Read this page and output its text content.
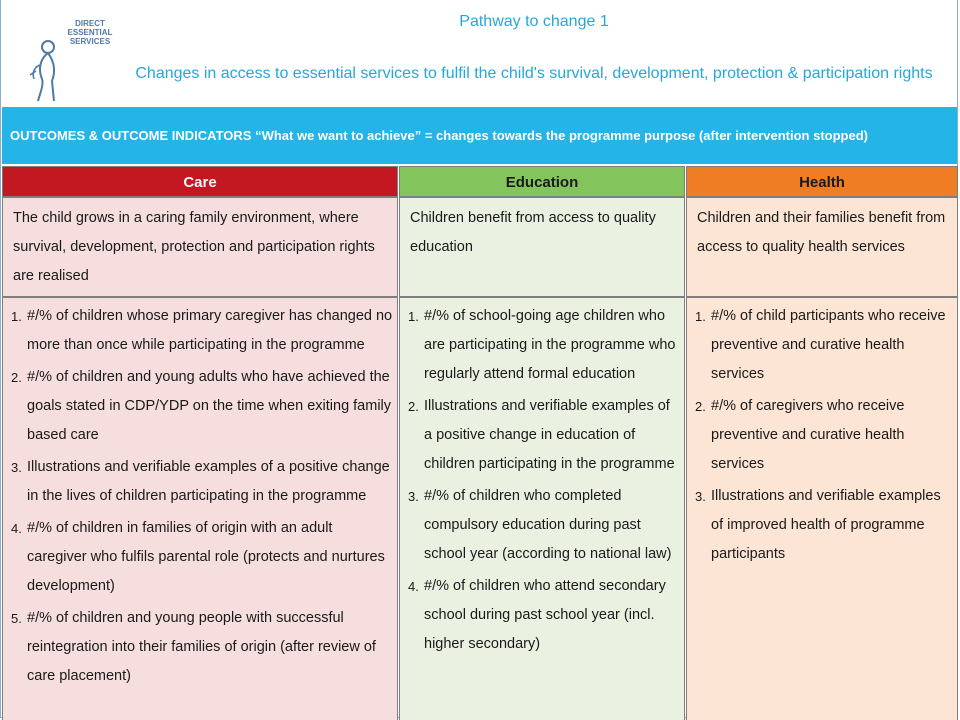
DIRECT
ESSENTIAL
SERVICES
Pathway to change 1
Changes in access to essential services to fulfil the child's survival, development, protection & participation rights
OUTCOMES & OUTCOME INDICATORS “What we want to achieve” = changes towards the programme purpose (after intervention stopped)
Care	Education	Health
The child grows in a caring family environment, where survival, development, protection and participation rights are realised
Children benefit from access to quality education
Children and their families benefit from access to quality health services
1. #/% of children whose primary caregiver has changed no more than once while participating in the programme
2. #/% of children and young adults who have achieved the goals stated in CDP/YDP on the time when exiting family based care
3. Illustrations and verifiable examples of a positive change in the lives of children participating in the programme
4. #/% of children in families of origin with an adult caregiver who fulfils parental role (protects and nurtures development)
5. #/% of children and young people with successful reintegration into their families of origin (after review of care placement)
1. #/% of school-going age children who are participating in the programme who regularly attend formal education
2. Illustrations and verifiable examples of a positive change in education of children participating in the programme
3. #/% of children who completed compulsory education during past school year (according to national law)
4. #/% of children who attend secondary school during past school year (incl. higher secondary)
1. #/% of child participants who receive preventive and curative health services
2. #/% of caregivers who receive preventive and curative health services
3. Illustrations and verifiable examples of improved health of programme participants
